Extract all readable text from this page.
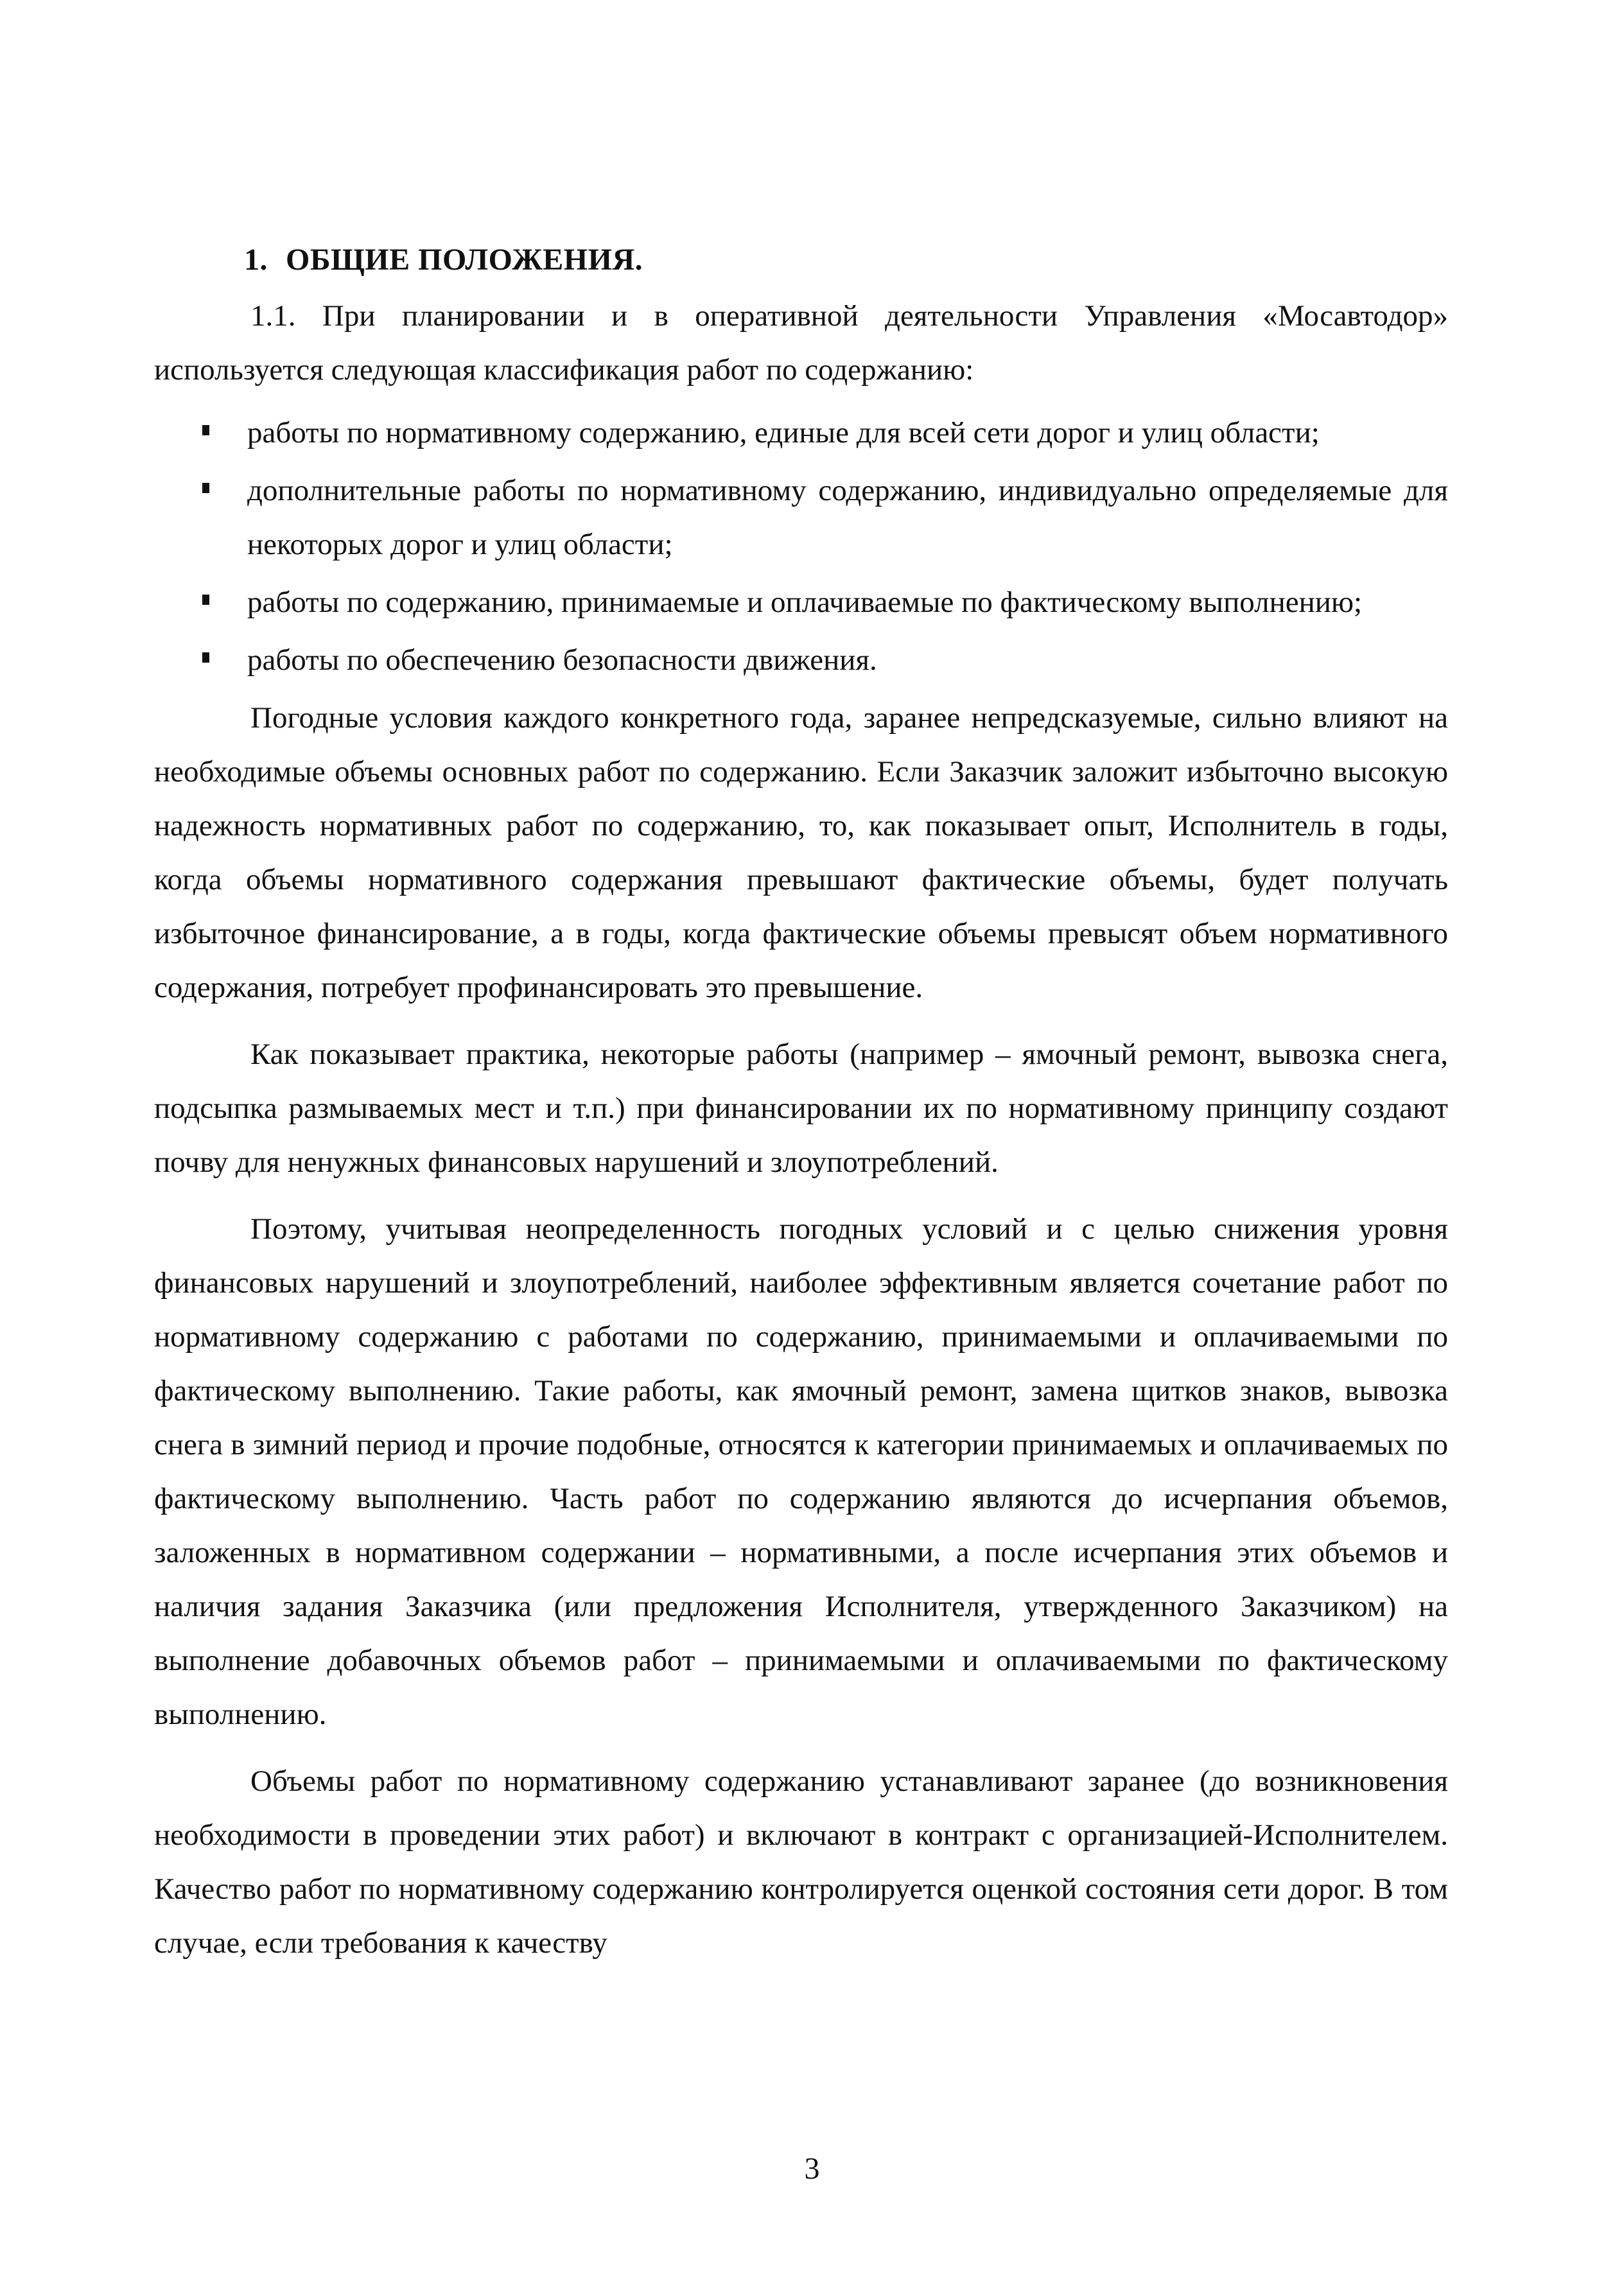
1. ОБЩИЕ ПОЛОЖЕНИЯ.

1.1. При планировании и в оперативной деятельности Управления «Мосавтодор» используется следующая классификация работ по содержанию:

работы по нормативному содержанию, единые для всей сети дорог и улиц области;
дополнительные работы по нормативному содержанию, индивидуально определяемые для некоторых дорог и улиц области;
работы по содержанию, принимаемые и оплачиваемые по фактическому выполнению;
работы по обеспечению безопасности движения.

Погодные условия каждого конкретного года, заранее непредсказуемые, сильно влияют на необходимые объемы основных работ по содержанию. Если Заказчик заложит избыточно высокую надежность нормативных работ по содержанию, то, как показывает опыт, Исполнитель в годы, когда объемы нормативного содержания превышают фактические объемы, будет получать избыточное финансирование, а в годы, когда фактические объемы превысят объем нормативного содержания, потребует профинансировать это превышение.

Как показывает практика, некоторые работы (например – ямочный ремонт, вывозка снега, подсыпка размываемых мест и т.п.) при финансировании их по нормативному принципу создают почву для ненужных финансовых нарушений и злоупотреблений.

Поэтому, учитывая неопределенность погодных условий и с целью снижения уровня финансовых нарушений и злоупотреблений, наиболее эффективным является сочетание работ по нормативному содержанию с работами по содержанию, принимаемыми и оплачиваемыми по фактическому выполнению. Такие работы, как ямочный ремонт, замена щитков знаков, вывозка снега в зимний период и прочие подобные, относятся к категории принимаемых и оплачиваемых по фактическому выполнению. Часть работ по содержанию являются до исчерпания объемов, заложенных в нормативном содержании – нормативными, а после исчерпания этих объемов и наличия задания Заказчика (или предложения Исполнителя, утвержденного Заказчиком) на выполнение добавочных объемов работ – принимаемыми и оплачиваемыми по фактическому выполнению.

Объемы работ по нормативному содержанию устанавливают заранее (до возникновения необходимости в проведении этих работ) и включают в контракт с организацией-Исполнителем. Качество работ по нормативному содержанию контролируется оценкой состояния сети дорог. В том случае, если требования к качеству

3
